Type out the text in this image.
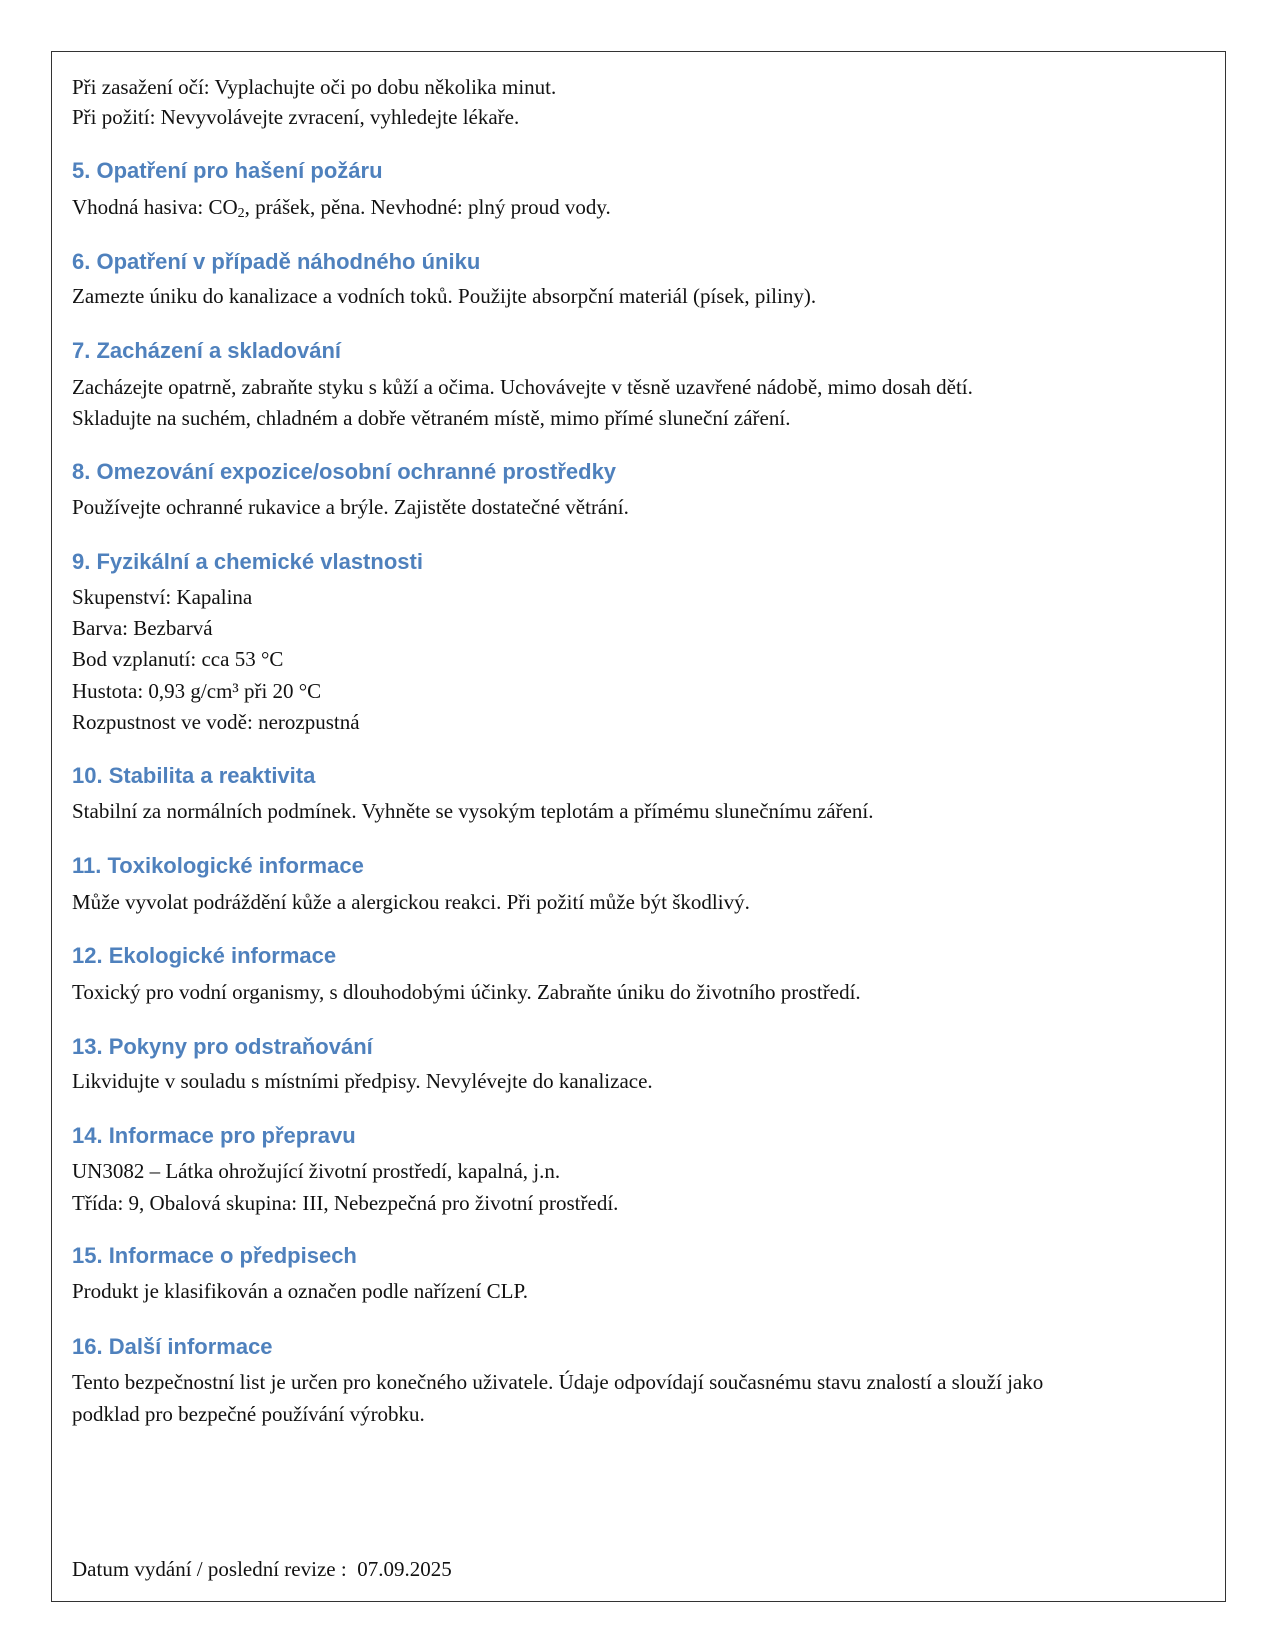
Při zasažení očí: Vyplachujte oči po dobu několika minut.
Při požití: Nevyvolávejte zvracení, vyhledejte lékaře.
5. Opatření pro hašení požáru
Vhodná hasiva: $CO_2$, prášek, pěna. Nevhodné: plný proud vody.
6. Opatření v případě náhodného úniku
Zamezte úniku do kanalizace a vodních toků. Použijte absorpční materiál (písek, piliny).
7. Zacházení a skladování
Zacházejte opatrně, zabraňte styku s kůží a očima. Uchovávejte v těsně uzavřené nádobě, mimo dosah dětí.
Skladujte na suchém, chladném a dobře větraném místě, mimo přímé sluneční záření.
8. Omezování expozice/osobní ochranné prostředky
Používejte ochranné rukavice a brýle. Zajistěte dostatečné větrání.
9. Fyzikální a chemické vlastnosti
Skupenství: Kapalina
Barva: Bezbarvá
Bod vzplanutí: cca 53 °C
Hustota: 0,93 g/cm³ při 20 °C
Rozpustnost ve vodě: nerozpustná
10. Stabilita a reaktivita
Stabilní za normálních podmínek. Vyhněte se vysokým teplotám a přímému slunečnímu záření.
11. Toxikologické informace
Může vyvolat podráždění kůže a alergickou reakci. Při požití může být škodlivý.
12. Ekologické informace
Toxický pro vodní organismy, s dlouhodobými účinky. Zabraňte úniku do životního prostředí.
13. Pokyny pro odstraňování
Likvidujte v souladu s místními předpisy. Nevylévejte do kanalizace.
14. Informace pro přepravu
UN3082 – Látka ohrožující životní prostředí, kapalná, j.n.
Třída: 9, Obalová skupina: III, Nebezpečná pro životní prostředí.
15. Informace o předpisech
Produkt je klasifikován a označen podle nařízení CLP.
16. Další informace
Tento bezpečnostní list je určen pro konečného uživatele. Údaje odpovídají současnému stavu znalostí a slouží jako
podklad pro bezpečné používání výrobku.
Datum vydání / poslední revize : 07.09.2025
